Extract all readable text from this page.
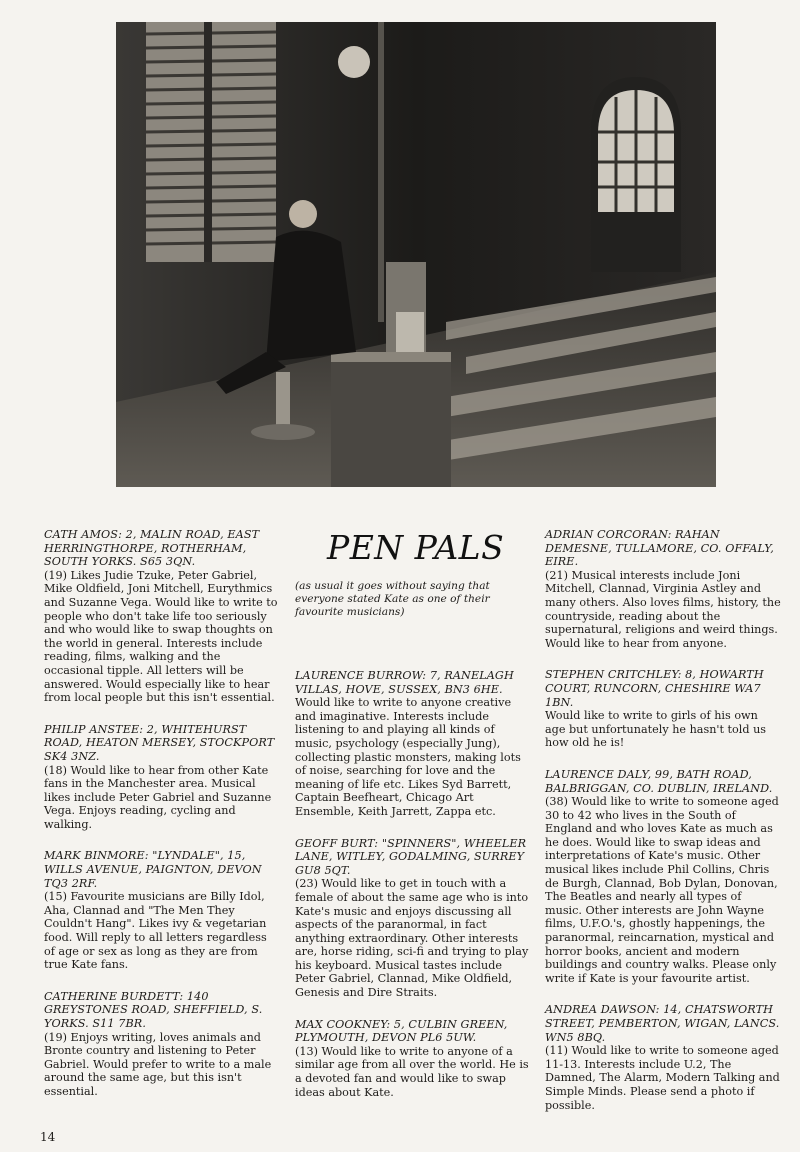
CATH AMOS: 2, MALIN ROAD, EAST HERRINGTHORPE, ROTHERHAM, SOUTH YORKS. S65 3QN.
(19) Likes Judie Tzuke, Peter Gabriel, Mike Oldfield, Joni Mitchell, Eurythmics and Suzanne Vega. Would like to write to people who don't take life too seriously and who would like to swap thoughts on the world in general. Interests include reading, films, walking and the occasional tipple. All letters will be answered. Would especially like to hear from local people but this isn't essential.
PHILIP ANSTEE: 2, WHITEHURST ROAD, HEATON MERSEY, STOCKPORT SK4 3NZ.
(18) Would like to hear from other Kate fans in the Manchester area. Musical likes include Peter Gabriel and Suzanne Vega. Enjoys reading, cycling and walking.
MARK BINMORE: "LYNDALE", 15, WILLS AVENUE, PAIGNTON, DEVON TQ3 2RF.
(15) Favourite musicians are Billy Idol, Aha, Clannad and "The Men They Couldn't Hang". Likes ivy & vegetarian food. Will reply to all letters regardless of age or sex as long as they are from true Kate fans.
CATHERINE BURDETT: 140 GREYSTONES ROAD, SHEFFIELD, S. YORKS. S11 7BR.
(19) Enjoys writing, loves animals and Bronte country and listening to Peter Gabriel. Would prefer to write to a male around the same age, but this isn't essential.
PEN PALS
(as usual it goes without saying that everyone stated Kate as one of their favourite musicians)
LAURENCE BURROW: 7, RANELAGH VILLAS, HOVE, SUSSEX, BN3 6HE.
Would like to write to anyone creative and imaginative. Interests include listening to and playing all kinds of music, psychology (especially Jung), collecting plastic monsters, making lots of noise, searching for love and the meaning of life etc. Likes Syd Barrett, Captain Beefheart, Chicago Art Ensemble, Keith Jarrett, Zappa etc.
GEOFF BURT: "SPINNERS", WHEELER LANE, WITLEY, GODALMING, SURREY GU8 5QT.
(23) Would like to get in touch with a female of about the same age who is into Kate's music and enjoys discussing all aspects of the paranormal, in fact anything extraordinary. Other interests are, horse riding, sci-fi and trying to play his keyboard. Musical tastes include Peter Gabriel, Clannad, Mike Oldfield, Genesis and Dire Straits.
MAX COOKNEY: 5, CULBIN GREEN, PLYMOUTH, DEVON PL6 5UW.
(13) Would like to write to anyone of a similar age from all over the world. He is a devoted fan and would like to swap ideas about Kate.
ADRIAN CORCORAN: RAHAN DEMESNE, TULLAMORE, CO. OFFALY, EIRE.
(21) Musical interests include Joni Mitchell, Clannad, Virginia Astley and many others. Also loves films, history, the countryside, reading about the supernatural, religions and weird things. Would like to hear from anyone.
STEPHEN CRITCHLEY: 8, HOWARTH COURT, RUNCORN, CHESHIRE WA7 1BN.
Would like to write to girls of his own age but unfortunately he hasn't told us how old he is!
LAURENCE DALY, 99, BATH ROAD, BALBRIGGAN, CO. DUBLIN, IRELAND.
(38) Would like to write to someone aged 30 to 42 who lives in the South of England and who loves Kate as much as he does. Would like to swap ideas and interpretations of Kate's music. Other musical likes include Phil Collins, Chris de Burgh, Clannad, Bob Dylan, Donovan, The Beatles and nearly all types of music. Other interests are John Wayne films, U.F.O.'s, ghostly happenings, the paranormal, reincarnation, mystical and horror books, ancient and modern buildings and country walks. Please only write if Kate is your favourite artist.
ANDREA DAWSON: 14, CHATSWORTH STREET, PEMBERTON, WIGAN, LANCS. WN5 8BQ.
(11) Would like to write to someone aged 11-13. Interests include U.2, The Damned, The Alarm, Modern Talking and Simple Minds. Please send a photo if possible.
14
